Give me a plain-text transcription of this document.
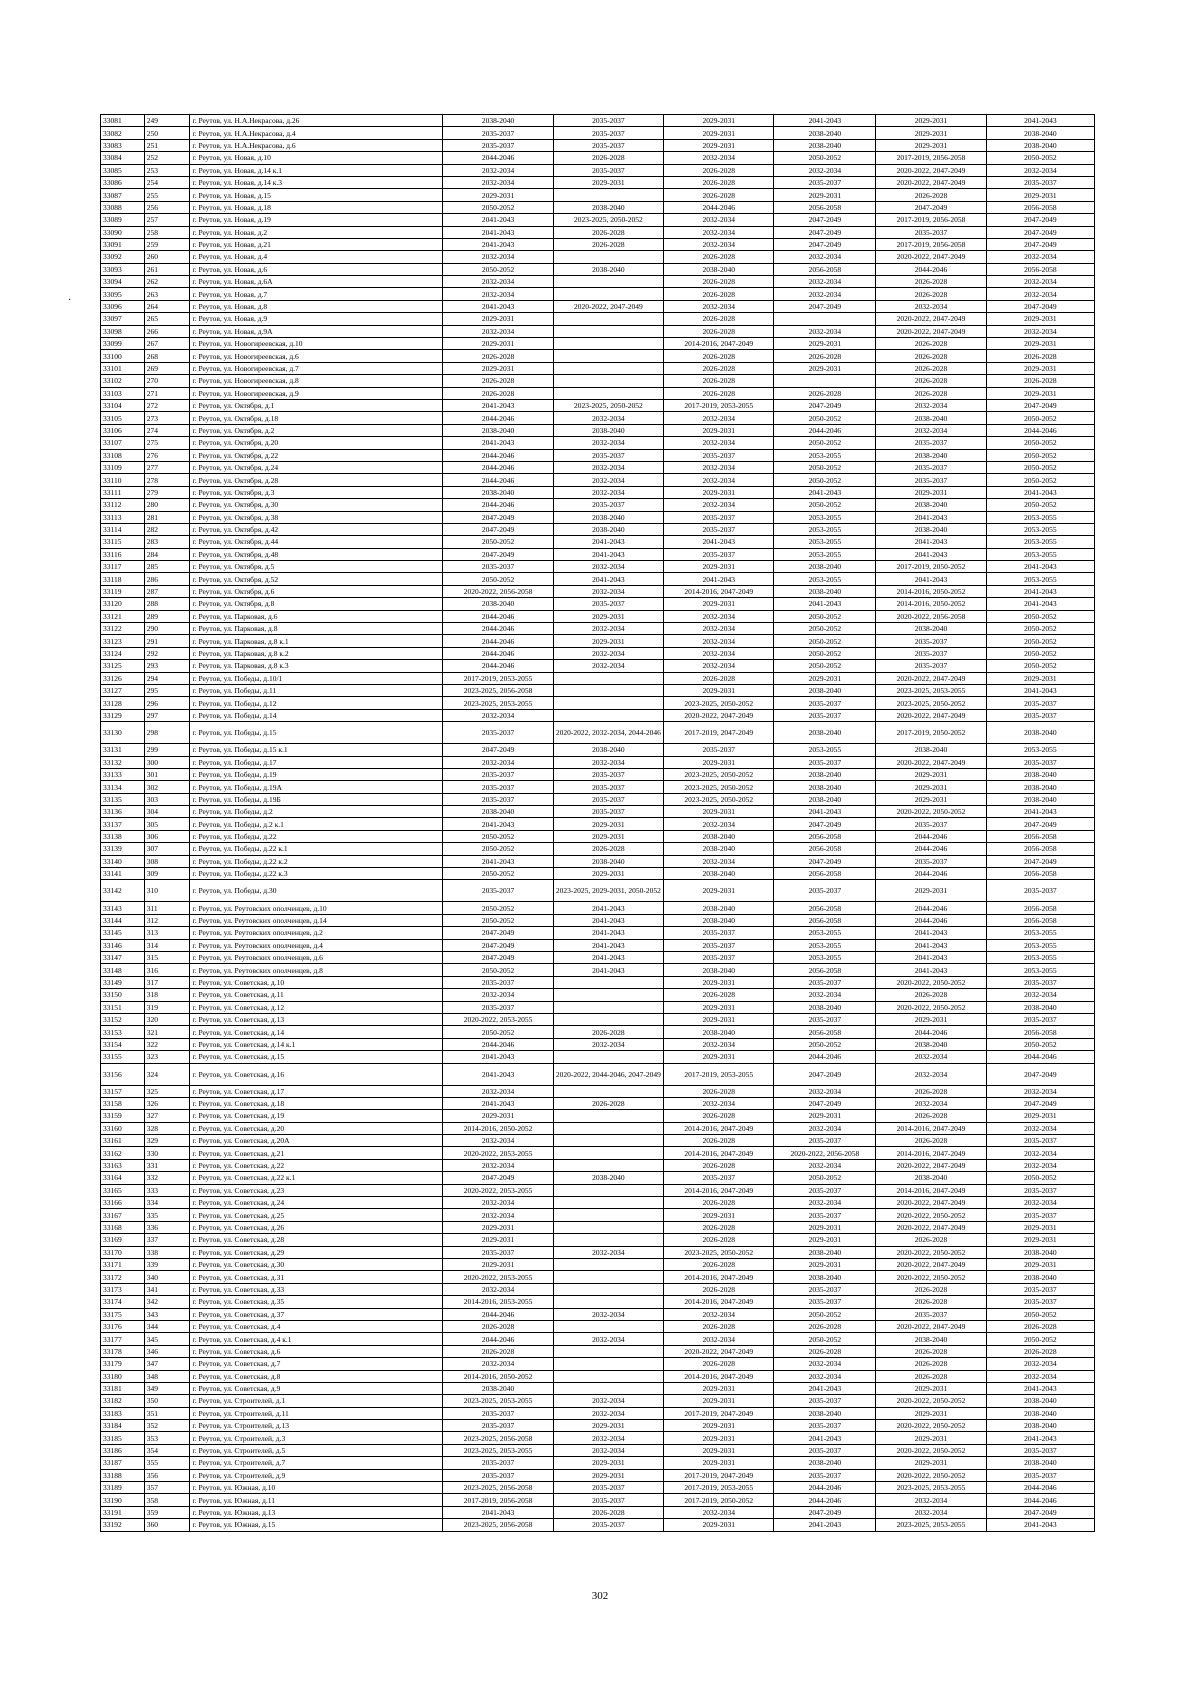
·
33081	249	г. Реутов, ул. Н.А.Некрасова, д.26	2038-2040	2035-2037	2029-2031	2041-2043	2029-2031	2041-2043
33082	250	г. Реутов, ул. Н.А.Некрасова, д.4	2035-2037	2035-2037	2029-2031	2038-2040	2029-2031	2038-2040
33083	251	г. Реутов, ул. Н.А.Некрасова, д.6	2035-2037	2035-2037	2029-2031	2038-2040	2029-2031	2038-2040
33084	252	г. Реутов, ул. Новая, д.10	2044-2046	2026-2028	2032-2034	2050-2052	2017-2019, 2056-2058	2050-2052
33085	253	г. Реутов, ул. Новая, д.14 к.1	2032-2034	2035-2037	2026-2028	2032-2034	2020-2022, 2047-2049	2032-2034
33086	254	г. Реутов, ул. Новая, д.14 к.3	2032-2034	2029-2031	2026-2028	2035-2037	2020-2022, 2047-2049	2035-2037
33087	255	г. Реутов, ул. Новая, д.15	2029-2031		2026-2028	2029-2031	2026-2028	2029-2031
33088	256	г. Реутов, ул. Новая, д.18	2050-2052	2038-2040	2044-2046	2056-2058	2047-2049	2056-2058
33089	257	г. Реутов, ул. Новая, д.19	2041-2043	2023-2025, 2050-2052	2032-2034	2047-2049	2017-2019, 2056-2058	2047-2049
33090	258	г. Реутов, ул. Новая, д.2	2041-2043	2026-2028	2032-2034	2047-2049	2035-2037	2047-2049
33091	259	г. Реутов, ул. Новая, д.21	2041-2043	2026-2028	2032-2034	2047-2049	2017-2019, 2056-2058	2047-2049
33092	260	г. Реутов, ул. Новая, д.4	2032-2034		2026-2028	2032-2034	2020-2022, 2047-2049	2032-2034
33093	261	г. Реутов, ул. Новая, д.6	2050-2052	2038-2040	2038-2040	2056-2058	2044-2046	2056-2058
33094	262	г. Реутов, ул. Новая, д.6А	2032-2034		2026-2028	2032-2034	2026-2028	2032-2034
33095	263	г. Реутов, ул. Новая, д.7	2032-2034		2026-2028	2032-2034	2026-2028	2032-2034
33096	264	г. Реутов, ул. Новая, д.8	2041-2043	2020-2022, 2047-2049	2032-2034	2047-2049	2032-2034	2047-2049
33097	265	г. Реутов, ул. Новая, д.9	2029-2031		2026-2028		2020-2022, 2047-2049	2029-2031
33098	266	г. Реутов, ул. Новая, д.9А	2032-2034		2026-2028	2032-2034	2020-2022, 2047-2049	2032-2034
33099	267	г. Реутов, ул. Новогиреевская, д.10	2029-2031		2014-2016, 2047-2049	2029-2031	2026-2028	2029-2031
33100	268	г. Реутов, ул. Новогиреевская, д.6	2026-2028		2026-2028	2026-2028	2026-2028	2026-2028
33101	269	г. Реутов, ул. Новогиреевская, д.7	2029-2031		2026-2028	2029-2031	2026-2028	2029-2031
33102	270	г. Реутов, ул. Новогиреевская, д.8	2026-2028		2026-2028		2026-2028	2026-2028
33103	271	г. Реутов, ул. Новогиреевская, д.9	2026-2028		2026-2028	2026-2028	2026-2028	2029-2031
33104	272	г. Реутов, ул. Октября, д.1	2041-2043	2023-2025, 2050-2052	2017-2019, 2053-2055	2047-2049	2032-2034	2047-2049
33105	273	г. Реутов, ул. Октября, д.18	2044-2046	2032-2034	2032-2034	2050-2052	2038-2040	2050-2052
33106	274	г. Реутов, ул. Октября, д.2	2038-2040	2038-2040	2029-2031	2044-2046	2032-2034	2044-2046
33107	275	г. Реутов, ул. Октября, д.20	2041-2043	2032-2034	2032-2034	2050-2052	2035-2037	2050-2052
33108	276	г. Реутов, ул. Октября, д.22	2044-2046	2035-2037	2035-2037	2053-2055	2038-2040	2050-2052
33109	277	г. Реутов, ул. Октября, д.24	2044-2046	2032-2034	2032-2034	2050-2052	2035-2037	2050-2052
33110	278	г. Реутов, ул. Октября, д.28	2044-2046	2032-2034	2032-2034	2050-2052	2035-2037	2050-2052
33111	279	г. Реутов, ул. Октября, д.3	2038-2040	2032-2034	2029-2031	2041-2043	2029-2031	2041-2043
33112	280	г. Реутов, ул. Октября, д.30	2044-2046	2035-2037	2032-2034	2050-2052	2038-2040	2050-2052
33113	281	г. Реутов, ул. Октября, д.38	2047-2049	2038-2040	2035-2037	2053-2055	2041-2043	2053-2055
33114	282	г. Реутов, ул. Октября, д.42	2047-2049	2038-2040	2035-2037	2053-2055	2038-2040	2053-2055
33115	283	г. Реутов, ул. Октября, д.44	2050-2052	2041-2043	2041-2043	2053-2055	2041-2043	2053-2055
33116	284	г. Реутов, ул. Октября, д.48	2047-2049	2041-2043	2035-2037	2053-2055	2041-2043	2053-2055
33117	285	г. Реутов, ул. Октября, д.5	2035-2037	2032-2034	2029-2031	2038-2040	2017-2019, 2050-2052	2041-2043
33118	286	г. Реутов, ул. Октября, д.52	2050-2052	2041-2043	2041-2043	2053-2055	2041-2043	2053-2055
33119	287	г. Реутов, ул. Октября, д.6	2020-2022, 2056-2058	2032-2034	2014-2016, 2047-2049	2038-2040	2014-2016, 2050-2052	2041-2043
33120	288	г. Реутов, ул. Октября, д.8	2038-2040	2035-2037	2029-2031	2041-2043	2014-2016, 2050-2052	2041-2043
33121	289	г. Реутов, ул. Парковая, д.6	2044-2046	2029-2031	2032-2034	2050-2052	2020-2022, 2056-2058	2050-2052
33122	290	г. Реутов, ул. Парковая, д.8	2044-2046	2032-2034	2032-2034	2050-2052	2038-2040	2050-2052
33123	291	г. Реутов, ул. Парковая, д.8 к.1	2044-2046	2029-2031	2032-2034	2050-2052	2035-2037	2050-2052
33124	292	г. Реутов, ул. Парковая, д.8 к.2	2044-2046	2032-2034	2032-2034	2050-2052	2035-2037	2050-2052
33125	293	г. Реутов, ул. Парковая, д.8 к.3	2044-2046	2032-2034	2032-2034	2050-2052	2035-2037	2050-2052
33126	294	г. Реутов, ул. Победы, д.10/1	2017-2019, 2053-2055		2026-2028	2029-2031	2020-2022, 2047-2049	2029-2031
33127	295	г. Реутов, ул. Победы, д.11	2023-2025, 2056-2058		2029-2031	2038-2040	2023-2025, 2053-2055	2041-2043
33128	296	г. Реутов, ул. Победы, д.12	2023-2025, 2053-2055		2023-2025, 2050-2052	2035-2037	2023-2025, 2050-2052	2035-2037
33129	297	г. Реутов, ул. Победы, д.14	2032-2034		2020-2022, 2047-2049	2035-2037	2020-2022, 2047-2049	2035-2037
33130	298	г. Реутов, ул. Победы, д.15	2035-2037	2020-2022, 2032-2034, 2044-2046	2017-2019, 2047-2049	2038-2040	2017-2019, 2050-2052	2038-2040
33131	299	г. Реутов, ул. Победы, д.15 к.1	2047-2049	2038-2040	2035-2037	2053-2055	2038-2040	2053-2055
33132	300	г. Реутов, ул. Победы, д.17	2032-2034	2032-2034	2029-2031	2035-2037	2020-2022, 2047-2049	2035-2037
33133	301	г. Реутов, ул. Победы, д.19	2035-2037	2035-2037	2023-2025, 2050-2052	2038-2040	2029-2031	2038-2040
33134	302	г. Реутов, ул. Победы, д.19А	2035-2037	2035-2037	2023-2025, 2050-2052	2038-2040	2029-2031	2038-2040
33135	303	г. Реутов, ул. Победы, д.19Б	2035-2037	2035-2037	2023-2025, 2050-2052	2038-2040	2029-2031	2038-2040
33136	304	г. Реутов, ул. Победы, д.2	2038-2040	2035-2037	2029-2031	2041-2043	2020-2022, 2050-2052	2041-2043
33137	305	г. Реутов, ул. Победы, д.2 к.1	2041-2043	2029-2031	2032-2034	2047-2049	2035-2037	2047-2049
33138	306	г. Реутов, ул. Победы, д.22	2050-2052	2029-2031	2038-2040	2056-2058	2044-2046	2056-2058
33139	307	г. Реутов, ул. Победы, д.22 к.1	2050-2052	2026-2028	2038-2040	2056-2058	2044-2046	2056-2058
33140	308	г. Реутов, ул. Победы, д.22 к.2	2041-2043	2038-2040	2032-2034	2047-2049	2035-2037	2047-2049
33141	309	г. Реутов, ул. Победы, д.22 к.3	2050-2052	2029-2031	2038-2040	2056-2058	2044-2046	2056-2058
33142	310	г. Реутов, ул. Победы, д.30	2035-2037	2023-2025, 2029-2031, 2050-2052	2029-2031	2035-2037	2029-2031	2035-2037
33143	311	г. Реутов, ул. Реутовских ополченцев, д.10	2050-2052	2041-2043	2038-2040	2056-2058	2044-2046	2056-2058
33144	312	г. Реутов, ул. Реутовских ополченцев, д.14	2050-2052	2041-2043	2038-2040	2056-2058	2044-2046	2056-2058
33145	313	г. Реутов, ул. Реутовских ополченцев, д.2	2047-2049	2041-2043	2035-2037	2053-2055	2041-2043	2053-2055
33146	314	г. Реутов, ул. Реутовских ополченцев, д.4	2047-2049	2041-2043	2035-2037	2053-2055	2041-2043	2053-2055
33147	315	г. Реутов, ул. Реутовских ополченцев, д.6	2047-2049	2041-2043	2035-2037	2053-2055	2041-2043	2053-2055
33148	316	г. Реутов, ул. Реутовских ополченцев, д.8	2050-2052	2041-2043	2038-2040	2056-2058	2041-2043	2053-2055
33149	317	г. Реутов, ул. Советская, д.10	2035-2037		2029-2031	2035-2037	2020-2022, 2050-2052	2035-2037
33150	318	г. Реутов, ул. Советская, д.11	2032-2034		2026-2028	2032-2034	2026-2028	2032-2034
33151	319	г. Реутов, ул. Советская, д.12	2035-2037		2029-2031	2038-2040	2020-2022, 2050-2052	2038-2040
33152	320	г. Реутов, ул. Советская, д.13	2020-2022, 2053-2055		2029-2031	2035-2037	2029-2031	2035-2037
33153	321	г. Реутов, ул. Советская, д.14	2050-2052	2026-2028	2038-2040	2056-2058	2044-2046	2056-2058
33154	322	г. Реутов, ул. Советская, д.14 к.1	2044-2046	2032-2034	2032-2034	2050-2052	2038-2040	2050-2052
33155	323	г. Реутов, ул. Советская, д.15	2041-2043		2029-2031	2044-2046	2032-2034	2044-2046
33156	324	г. Реутов, ул. Советская, д.16	2041-2043	2020-2022, 2044-2046, 2047-2049	2017-2019, 2053-2055	2047-2049	2032-2034	2047-2049
33157	325	г. Реутов, ул. Советская, д.17	2032-2034		2026-2028	2032-2034	2026-2028	2032-2034
33158	326	г. Реутов, ул. Советская, д.18	2041-2043	2026-2028	2032-2034	2047-2049	2032-2034	2047-2049
33159	327	г. Реутов, ул. Советская, д.19	2029-2031		2026-2028	2029-2031	2026-2028	2029-2031
33160	328	г. Реутов, ул. Советская, д.20	2014-2016, 2050-2052		2014-2016, 2047-2049	2032-2034	2014-2016, 2047-2049	2032-2034
33161	329	г. Реутов, ул. Советская, д.20А	2032-2034		2026-2028	2035-2037	2026-2028	2035-2037
33162	330	г. Реутов, ул. Советская, д.21	2020-2022, 2053-2055		2014-2016, 2047-2049	2020-2022, 2056-2058	2014-2016, 2047-2049	2032-2034
33163	331	г. Реутов, ул. Советская, д.22	2032-2034		2026-2028	2032-2034	2020-2022, 2047-2049	2032-2034
33164	332	г. Реутов, ул. Советская, д.22 к.1	2047-2049	2038-2040	2035-2037	2050-2052	2038-2040	2050-2052
33165	333	г. Реутов, ул. Советская, д.23	2020-2022, 2053-2055		2014-2016, 2047-2049	2035-2037	2014-2016, 2047-2049	2035-2037
33166	334	г. Реутов, ул. Советская, д.24	2032-2034		2026-2028	2032-2034	2020-2022, 2047-2049	2032-2034
33167	335	г. Реутов, ул. Советская, д.25	2032-2034		2029-2031	2035-2037	2020-2022, 2050-2052	2035-2037
33168	336	г. Реутов, ул. Советская, д.26	2029-2031		2026-2028	2029-2031	2020-2022, 2047-2049	2029-2031
33169	337	г. Реутов, ул. Советская, д.28	2029-2031		2026-2028	2029-2031	2026-2028	2029-2031
33170	338	г. Реутов, ул. Советская, д.29	2035-2037	2032-2034	2023-2025, 2050-2052	2038-2040	2020-2022, 2050-2052	2038-2040
33171	339	г. Реутов, ул. Советская, д.30	2029-2031		2026-2028	2029-2031	2020-2022, 2047-2049	2029-2031
33172	340	г. Реутов, ул. Советская, д.31	2020-2022, 2053-2055		2014-2016, 2047-2049	2038-2040	2020-2022, 2050-2052	2038-2040
33173	341	г. Реутов, ул. Советская, д.33	2032-2034		2026-2028	2035-2037	2026-2028	2035-2037
33174	342	г. Реутов, ул. Советская, д.35	2014-2016, 2053-2055		2014-2016, 2047-2049	2035-2037	2026-2028	2035-2037
33175	343	г. Реутов, ул. Советская, д.37	2044-2046	2032-2034	2032-2034	2050-2052	2035-2037	2050-2052
33176	344	г. Реутов, ул. Советская, д.4	2026-2028		2026-2028	2026-2028	2020-2022, 2047-2049	2026-2028
33177	345	г. Реутов, ул. Советская, д.4 к.1	2044-2046	2032-2034	2032-2034	2050-2052	2038-2040	2050-2052
33178	346	г. Реутов, ул. Советская, д.6	2026-2028		2020-2022, 2047-2049	2026-2028	2026-2028	2026-2028
33179	347	г. Реутов, ул. Советская, д.7	2032-2034		2026-2028	2032-2034	2026-2028	2032-2034
33180	348	г. Реутов, ул. Советская, д.8	2014-2016, 2050-2052		2014-2016, 2047-2049	2032-2034	2026-2028	2032-2034
33181	349	г. Реутов, ул. Советская, д.9	2038-2040		2029-2031	2041-2043	2029-2031	2041-2043
33182	350	г. Реутов, ул. Строителей, д.1	2023-2025, 2053-2055	2032-2034	2029-2031	2035-2037	2020-2022, 2050-2052	2038-2040
33183	351	г. Реутов, ул. Строителей, д.11	2035-2037	2032-2034	2017-2019, 2047-2049	2038-2040	2029-2031	2038-2040
33184	352	г. Реутов, ул. Строителей, д.13	2035-2037	2029-2031	2029-2031	2035-2037	2020-2022, 2050-2052	2038-2040
33185	353	г. Реутов, ул. Строителей, д.3	2023-2025, 2056-2058	2032-2034	2029-2031	2041-2043	2029-2031	2041-2043
33186	354	г. Реутов, ул. Строителей, д.5	2023-2025, 2053-2055	2032-2034	2029-2031	2035-2037	2020-2022, 2050-2052	2035-2037
33187	355	г. Реутов, ул. Строителей, д.7	2035-2037	2029-2031	2029-2031	2038-2040	2029-2031	2038-2040
33188	356	г. Реутов, ул. Строителей, д.9	2035-2037	2029-2031	2017-2019, 2047-2049	2035-2037	2020-2022, 2050-2052	2035-2037
33189	357	г. Реутов, ул. Южная, д.10	2023-2025, 2056-2058	2035-2037	2017-2019, 2053-2055	2044-2046	2023-2025, 2053-2055	2044-2046
33190	358	г. Реутов, ул. Южная, д.11	2017-2019, 2056-2058	2035-2037	2017-2019, 2050-2052	2044-2046	2032-2034	2044-2046
33191	359	г. Реутов, ул. Южная, д.13	2041-2043	2026-2028	2032-2034	2047-2049	2032-2034	2047-2049
33192	360	г. Реутов, ул. Южная, д.15	2023-2025, 2056-2058	2035-2037	2029-2031	2041-2043	2023-2025, 2053-2055	2041-2043
302
